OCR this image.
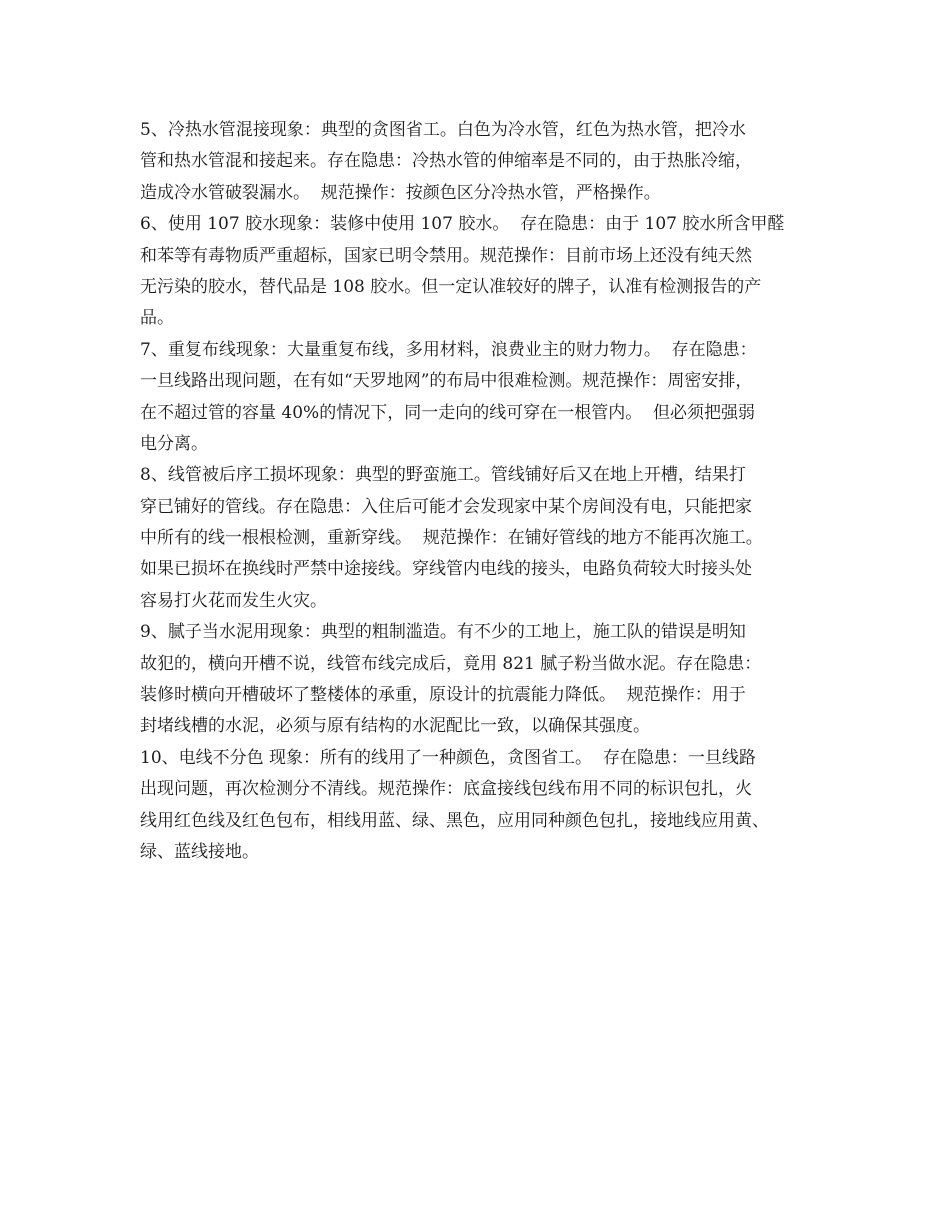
5、冷热水管混接现象：典型的贪图省工。白色为冷水管，红色为热水管，把冷水
管和热水管混和接起来。存在隐患：冷热水管的伸缩率是不同的，由于热胀冷缩，
造成冷水管破裂漏水。  规范操作：按颜色区分冷热水管，严格操作。
6、使用 107 胶水现象：装修中使用 107 胶水。  存在隐患：由于 107 胶水所含甲醛
和苯等有毒物质严重超标，国家已明令禁用。规范操作：目前市场上还没有纯天然
无污染的胶水，替代品是 108 胶水。但一定认准较好的牌子，认准有检测报告的产
品。
7、重复布线现象：大量重复布线，多用材料，浪费业主的财力物力。  存在隐患：
一旦线路出现问题，在有如“天罗地网”的布局中很难检测。规范操作：周密安排，
在不超过管的容量 40%的情况下，同一走向的线可穿在一根管内。  但必须把强弱
电分离。
8、线管被后序工损坏现象：典型的野蛮施工。管线铺好后又在地上开槽，结果打
穿已铺好的管线。存在隐患：入住后可能才会发现家中某个房间没有电，只能把家
中所有的线一根根检测，重新穿线。  规范操作：在铺好管线的地方不能再次施工。
如果已损坏在换线时严禁中途接线。穿线管内电线的接头，电路负荷较大时接头处
容易打火花而发生火灾。
9、腻子当水泥用现象：典型的粗制滥造。有不少的工地上，施工队的错误是明知
故犯的，横向开槽不说，线管布线完成后，竟用 821 腻子粉当做水泥。存在隐患：
装修时横向开槽破坏了整楼体的承重，原设计的抗震能力降低。  规范操作：用于
封堵线槽的水泥，必须与原有结构的水泥配比一致，以确保其强度。
10、电线不分色 现象：所有的线用了一种颜色，贪图省工。  存在隐患：一旦线路
出现问题，再次检测分不清线。规范操作：底盒接线包线布用不同的标识包扎，火
线用红色线及红色包布，相线用蓝、绿、黑色，应用同种颜色包扎，接地线应用黄、
绿、蓝线接地。
